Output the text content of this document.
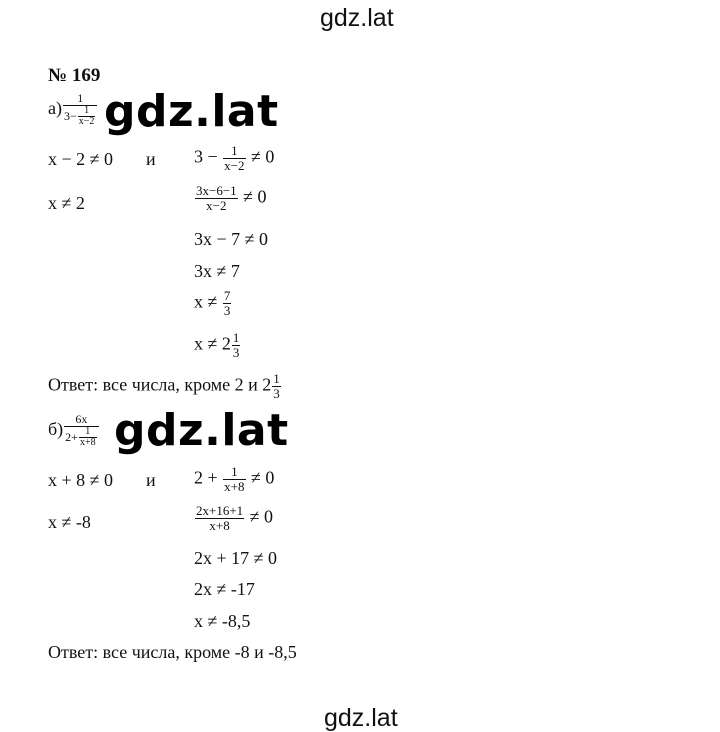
gdz.lat
№ 169
$а) \frac{1}{3- \frac{1}{x-2}} gdz.lat$
x − 2 ≠ 0 и $3 - \frac{1}{x-2} \ne 0$
x ≠ 2	$\frac{3x-6-1}{x-2} \ne 0$
3x − 7 ≠ 0
3x ≠ 7
$x \ne \frac{7}{3}$
$x \ne 2 \frac{1}{3}$
Ответ: все числа, кроме 2 и $2 \frac{1}{3}$
$б) \frac{6x}{2+ \frac{1}{x+8}} gdz.lat$
x + 8 ≠ 0 и $2 + \frac{1}{x+8} \ne 0$
x ≠ -8	$\frac{2x+16+1}{x+8} \ne 0$
2x + 17 ≠ 0
2x ≠ -17
x ≠ -8,5
Ответ: все числа, кроме -8 и -8,5
gdz.lat
